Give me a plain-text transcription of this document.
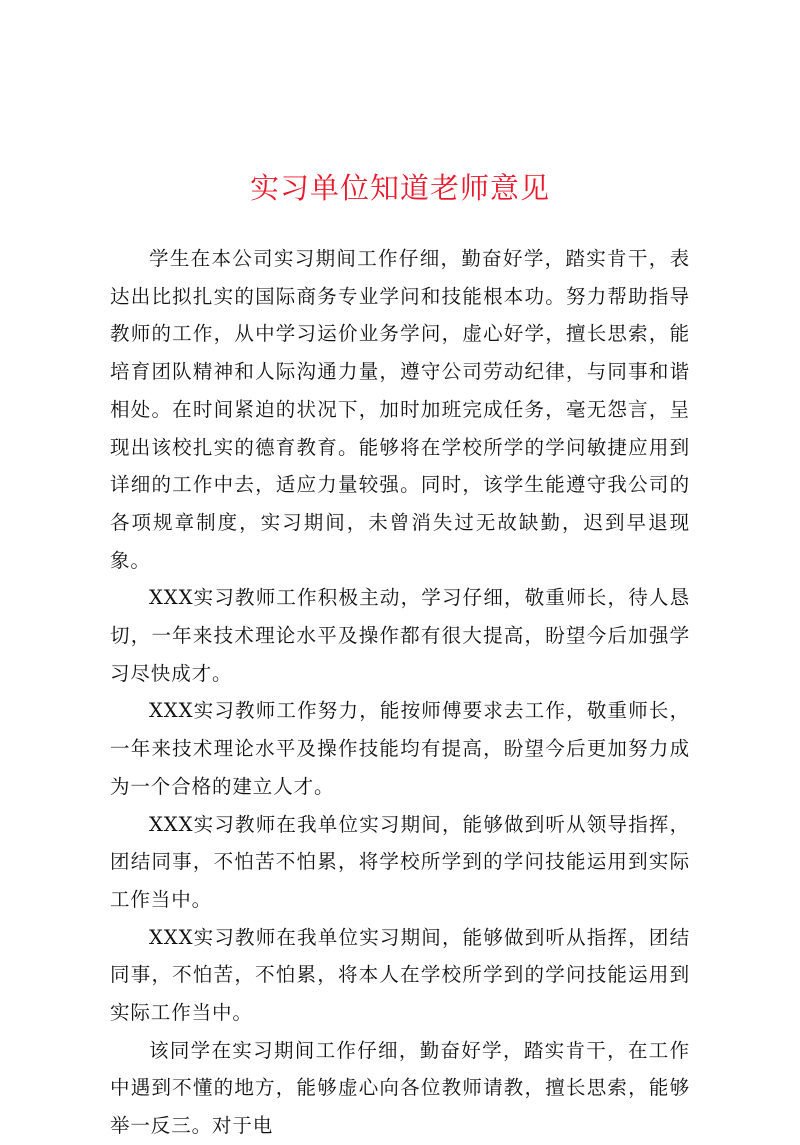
实习单位知道老师意见

学生在本公司实习期间工作仔细，勤奋好学，踏实肯干，表达出比拟扎实的国际商务专业学问和技能根本功。努力帮助指导教师的工作，从中学习运价业务学问，虚心好学，擅长思索，能培育团队精神和人际沟通力量，遵守公司劳动纪律，与同事和谐相处。在时间紧迫的状况下，加时加班完成任务，毫无怨言，呈现出该校扎实的德育教育。能够将在学校所学的学问敏捷应用到详细的工作中去，适应力量较强。同时，该学生能遵守我公司的各项规章制度，实习期间，未曾消失过无故缺勤，迟到早退现象。

XXX实习教师工作积极主动，学习仔细，敬重师长，待人恳切，一年来技术理论水平及操作都有很大提高，盼望今后加强学习尽快成才。

XXX实习教师工作努力，能按师傅要求去工作，敬重师长，一年来技术理论水平及操作技能均有提高，盼望今后更加努力成为一个合格的建立人才。

XXX实习教师在我单位实习期间，能够做到听从领导指挥，团结同事，不怕苦不怕累，将学校所学到的学问技能运用到实际工作当中。

XXX实习教师在我单位实习期间，能够做到听从指挥，团结同事，不怕苦，不怕累，将本人在学校所学到的学问技能运用到实际工作当中。

该同学在实习期间工作仔细，勤奋好学，踏实肯干，在工作中遇到不懂的地方，能够虚心向各位教师请教，擅长思索，能够举一反三。对于电
